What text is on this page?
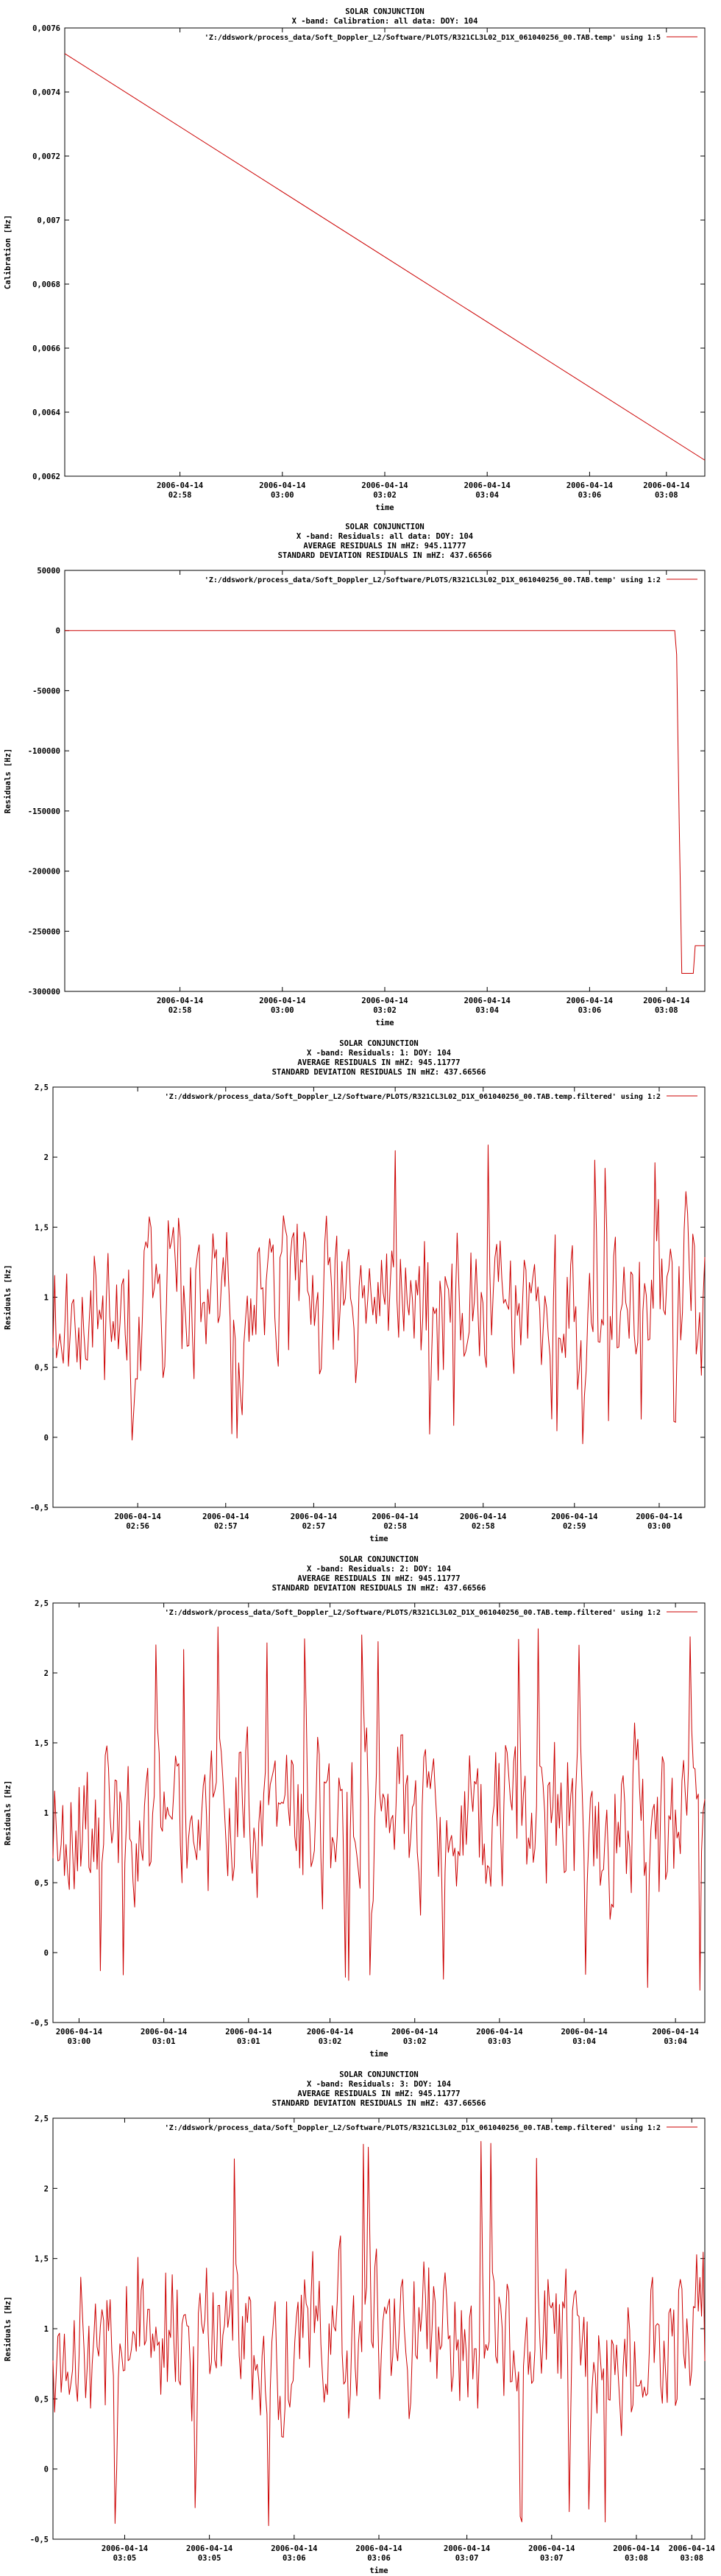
SOLAR CONJUNCTION
X -band: Calibration: all data: DOY: 104
0,0062
0,0064
0,0066
0,0068
0,007
0,0072
0,0074
0,0076
2006-04-14
02:58
2006-04-14
03:00
2006-04-14
03:02
2006-04-14
03:04
2006-04-14
03:06
2006-04-14
03:08
time
Calibration [Hz]
'Z:/ddswork/process_data/Soft_Doppler_L2/Software/PLOTS/R321CL3L02_D1X_061040256_00.TAB.temp' using 1:5
SOLAR CONJUNCTION
X -band: Residuals: all data: DOY: 104
AVERAGE RESIDUALS IN mHZ: 945.11777
STANDARD DEVIATION RESIDUALS IN mHZ: 437.66566
50000
0
-50000
-100000
-150000
-200000
-250000
-300000
2006-04-14
02:58
2006-04-14
03:00
2006-04-14
03:02
2006-04-14
03:04
2006-04-14
03:06
2006-04-14
03:08
time
Residuals [Hz]
'Z:/ddswork/process_data/Soft_Doppler_L2/Software/PLOTS/R321CL3L02_D1X_061040256_00.TAB.temp' using 1:2
SOLAR CONJUNCTION
X -band: Residuals: 1: DOY: 104
AVERAGE RESIDUALS IN mHZ: 945.11777
STANDARD DEVIATION RESIDUALS IN mHZ: 437.66566
-0,5
0
0,5
1
1,5
2
2,5
2006-04-14
02:56
2006-04-14
02:57
2006-04-14
02:57
2006-04-14
02:58
2006-04-14
02:58
2006-04-14
02:59
2006-04-14
03:00
time
Residuals [Hz]
'Z:/ddswork/process_data/Soft_Doppler_L2/Software/PLOTS/R321CL3L02_D1X_061040256_00.TAB.temp.filtered' using 1:2
SOLAR CONJUNCTION
X -band: Residuals: 2: DOY: 104
AVERAGE RESIDUALS IN mHZ: 945.11777
STANDARD DEVIATION RESIDUALS IN mHZ: 437.66566
-0,5
0
0,5
1
1,5
2
2,5
2006-04-14
03:00
2006-04-14
03:01
2006-04-14
03:01
2006-04-14
03:02
2006-04-14
03:02
2006-04-14
03:03
2006-04-14
03:04
2006-04-14
03:04
time
Residuals [Hz]
'Z:/ddswork/process_data/Soft_Doppler_L2/Software/PLOTS/R321CL3L02_D1X_061040256_00.TAB.temp.filtered' using 1:2
SOLAR CONJUNCTION
X -band: Residuals: 3: DOY: 104
AVERAGE RESIDUALS IN mHZ: 945.11777
STANDARD DEVIATION RESIDUALS IN mHZ: 437.66566
-0,5
0
0,5
1
1,5
2
2,5
2006-04-14
03:05
2006-04-14
03:05
2006-04-14
03:06
2006-04-14
03:06
2006-04-14
03:07
2006-04-14
03:07
2006-04-14
03:08
2006-04-14
03:08
time
Residuals [Hz]
'Z:/ddswork/process_data/Soft_Doppler_L2/Software/PLOTS/R321CL3L02_D1X_061040256_00.TAB.temp.filtered' using 1:2
